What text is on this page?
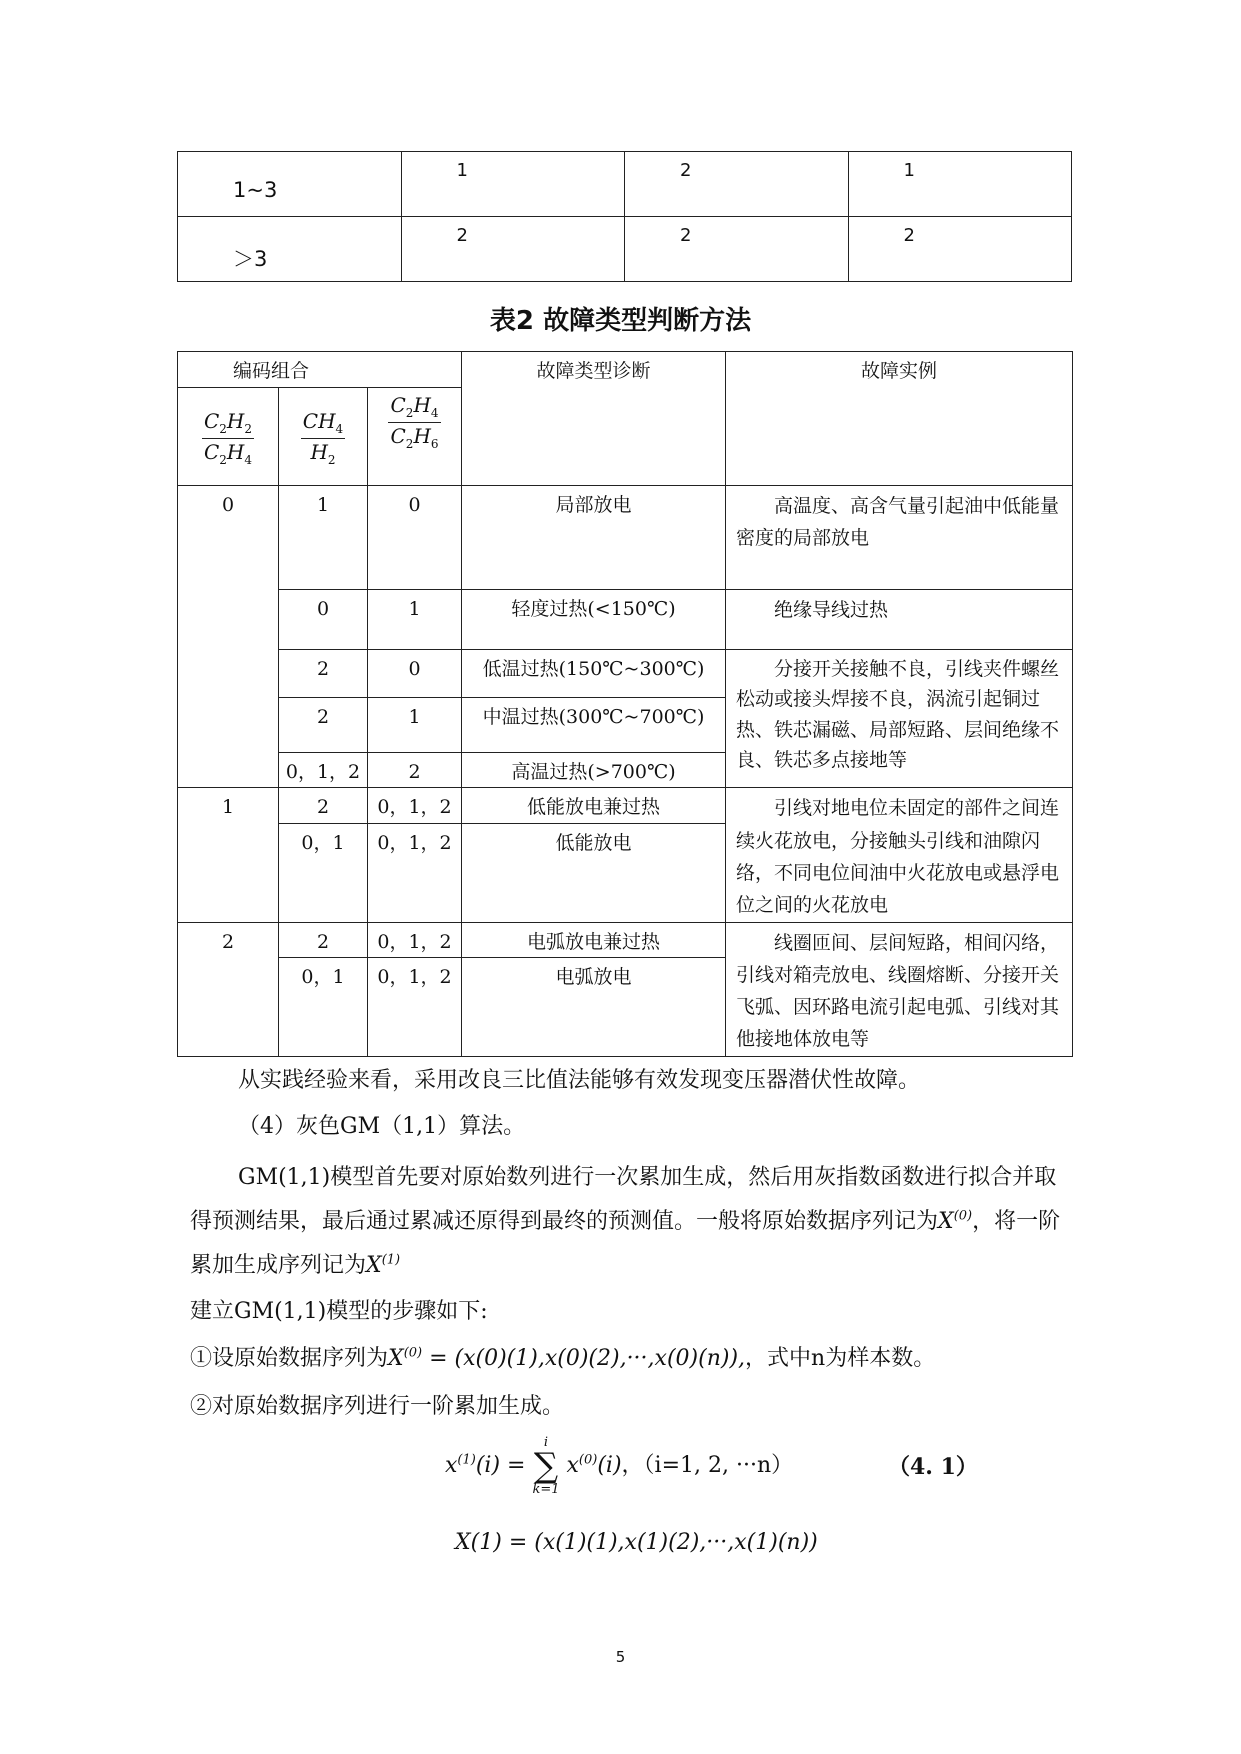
1~3	1	2	1

＞3	2	2	2
表2 故障类型判断方法
编码组合			故障类型诊断	故障实例

$\frac{C_2H_2}{C_2H_4}$	$\frac{CH_4}{H_2}$	$\frac{C_2H_4}{C_2H_6}$

0	1	0	局部放电	高温度、高含气量引起油中低能量密度的局部放电
	0	1	轻度过热(<150℃)	绝缘导线过热
	2	0	低温过热(150℃~300℃)	分接开关接触不良，引线夹件螺丝松动或接头焊接不良，涡流引起铜过热、铁芯漏磁、局部短路、层间绝缘不良、铁芯多点接地等
	2	1	中温过热(300℃~700℃)	
	0，1，2	2	高温过热(>700℃)	
1	2	0，1，2	低能放电兼过热	引线对地电位未固定的部件之间连续火花放电，分接触头引线和油隙闪络，不同电位间油中火花放电或悬浮电位之间的火花放电
	0，1	0，1，2	低能放电	
2	2	0，1，2	电弧放电兼过热	线圈匝间、层间短路，相间闪络，引线对箱壳放电、线圈熔断、分接开关飞弧、因环路电流引起电弧、引线对其他接地体放电等
	0，1	0，1，2	电弧放电	
从实践经验来看，采用改良三比值法能够有效发现变压器潜伏性故障。
（4）灰色GM（1,1）算法。
GM(1,1)模型首先要对原始数列进行一次累加生成，然后用灰指数函数进行拟合并取得预测结果，最后通过累减还原得到最终的预测值。一般将原始数据序列记为$X^{(0)}$，将一阶累加生成序列记为$X^{(1)}$
建立GM(1,1)模型的步骤如下:
①设原始数据序列为$X^{(0)} = (x(0)(1),x(0)(2),\cdot\cdot\cdot,x(0)(n))$,，式中n为样本数。
②对原始数据序列进行一阶累加生成。
$x^{(1)}(i)$ =
i
∑
k=1
$x^{(0)}(i)$，（i=1, 2, ···n）	（4. 1）
X(1) = (x(1)(1),x(1)(2),···,x(1)(n))
5
